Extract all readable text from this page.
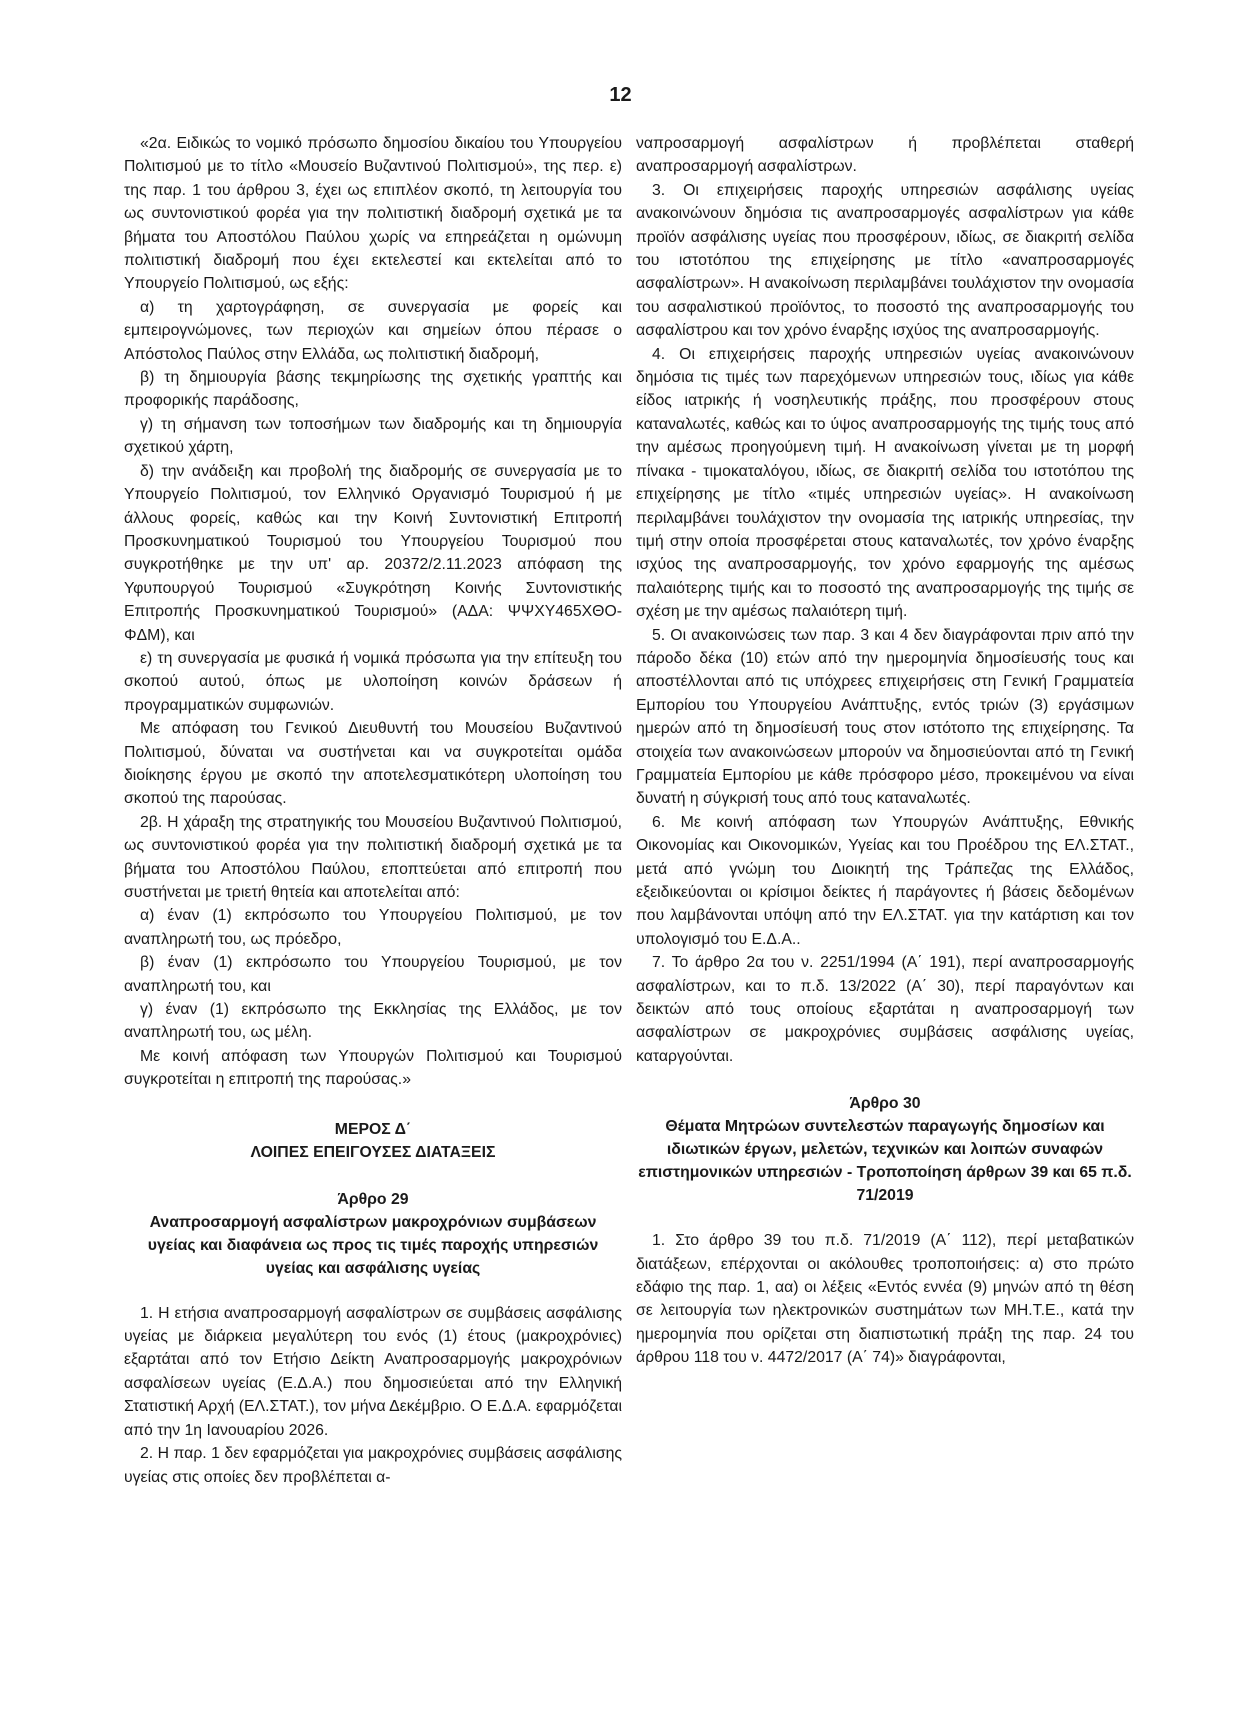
12

«2α. Ειδικώς το νομικό πρόσωπο δημοσίου δικαίου του Υπουργείου Πολιτισμού με το τίτλο «Μουσείο Βυζαντινού Πολιτισμού», της περ. ε) της παρ. 1 του άρθρου 3, έχει ως επιπλέον σκοπό, τη λειτουργία του ως συντονιστικού φορέα για την πολιτιστική διαδρομή σχετικά με τα βήματα του Αποστόλου Παύλου χωρίς να επηρεάζεται η ομώνυμη πολιτιστική διαδρομή που έχει εκτελεστεί και εκτελείται από το Υπουργείο Πολιτισμού, ως εξής:

α) τη χαρτογράφηση, σε συνεργασία με φορείς και εμπειρογνώμονες, των περιοχών και σημείων όπου πέρασε ο Απόστολος Παύλος στην Ελλάδα, ως πολιτιστική διαδρομή,

β) τη δημιουργία βάσης τεκμηρίωσης της σχετικής γραπτής και προφορικής παράδοσης,

γ) τη σήμανση των τοποσήμων των διαδρομής και τη δημιουργία σχετικού χάρτη,

δ) την ανάδειξη και προβολή της διαδρομής σε συνεργασία με το Υπουργείο Πολιτισμού, τον Ελληνικό Οργανισμό Τουρισμού ή με άλλους φορείς, καθώς και την Κοινή Συντονιστική Επιτροπή Προσκυνηματικού Τουρισμού του Υπουργείου Τουρισμού που συγκροτήθηκε με την υπ' αρ. 20372/2.11.2023 απόφαση της Υφυπουργού Τουρισμού «Συγκρότηση Κοινής Συντονιστικής Επιτροπής Προσκυνηματικού Τουρισμού» (ΑΔΑ: ΨΨΧΥ465ΧΘΟ-ΦΔΜ), και

ε) τη συνεργασία με φυσικά ή νομικά πρόσωπα για την επίτευξη του σκοπού αυτού, όπως με υλοποίηση κοινών δράσεων ή προγραμματικών συμφωνιών.

Με απόφαση του Γενικού Διευθυντή του Μουσείου Βυζαντινού Πολιτισμού, δύναται να συστήνεται και να συγκροτείται ομάδα διοίκησης έργου με σκοπό την αποτελεσματικότερη υλοποίηση του σκοπού της παρούσας.

2β. Η χάραξη της στρατηγικής του Μουσείου Βυζαντινού Πολιτισμού, ως συντονιστικού φορέα για την πολιτιστική διαδρομή σχετικά με τα βήματα του Αποστόλου Παύλου, εποπτεύεται από επιτροπή που συστήνεται με τριετή θητεία και αποτελείται από:

α) έναν (1) εκπρόσωπο του Υπουργείου Πολιτισμού, με τον αναπληρωτή του, ως πρόεδρο,

β) έναν (1) εκπρόσωπο του Υπουργείου Τουρισμού, με τον αναπληρωτή του, και

γ) έναν (1) εκπρόσωπο της Εκκλησίας της Ελλάδος, με τον αναπληρωτή του, ως μέλη.

Με κοινή απόφαση των Υπουργών Πολιτισμού και Τουρισμού συγκροτείται η επιτροπή της παρούσας.»

ΜΕΡΟΣ Δ΄
ΛΟΙΠΕΣ ΕΠΕΙΓΟΥΣΕΣ ΔΙΑΤΑΞΕΙΣ
Άρθρο 29
Αναπροσαρμογή ασφαλίστρων μακροχρόνιων συμβάσεων υγείας και διαφάνεια ως προς τις τιμές παροχής υπηρεσιών υγείας και ασφάλισης υγείας

1. Η ετήσια αναπροσαρμογή ασφαλίστρων σε συμβάσεις ασφάλισης υγείας με διάρκεια μεγαλύτερη του ενός (1) έτους (μακροχρόνιες) εξαρτάται από τον Ετήσιο Δείκτη Αναπροσαρμογής μακροχρόνιων ασφαλίσεων υγείας (Ε.Δ.Α.) που δημοσιεύεται από την Ελληνική Στατιστική Αρχή (ΕΛ.ΣΤΑΤ.), τον μήνα Δεκέμβριο. Ο Ε.Δ.Α. εφαρμόζεται από την 1η Ιανουαρίου 2026.

2. Η παρ. 1 δεν εφαρμόζεται για μακροχρόνιες συμβάσεις ασφάλισης υγείας στις οποίες δεν προβλέπεται α-

ναπροσαρμογή ασφαλίστρων ή προβλέπεται σταθερή αναπροσαρμογή ασφαλίστρων.

3. Οι επιχειρήσεις παροχής υπηρεσιών ασφάλισης υγείας ανακοινώνουν δημόσια τις αναπροσαρμογές ασφαλίστρων για κάθε προϊόν ασφάλισης υγείας που προσφέρουν, ιδίως, σε διακριτή σελίδα του ιστοτόπου της επιχείρησης με τίτλο «αναπροσαρμογές ασφαλίστρων». Η ανακοίνωση περιλαμβάνει τουλάχιστον την ονομασία του ασφαλιστικού προϊόντος, το ποσοστό της αναπροσαρμογής του ασφαλίστρου και τον χρόνο έναρξης ισχύος της αναπροσαρμογής.

4. Οι επιχειρήσεις παροχής υπηρεσιών υγείας ανακοινώνουν δημόσια τις τιμές των παρεχόμενων υπηρεσιών τους, ιδίως για κάθε είδος ιατρικής ή νοσηλευτικής πράξης, που προσφέρουν στους καταναλωτές, καθώς και το ύψος αναπροσαρμογής της τιμής τους από την αμέσως προηγούμενη τιμή. Η ανακοίνωση γίνεται με τη μορφή πίνακα - τιμοκαταλόγου, ιδίως, σε διακριτή σελίδα του ιστοτόπου της επιχείρησης με τίτλο «τιμές υπηρεσιών υγείας». Η ανακοίνωση περιλαμβάνει τουλάχιστον την ονομασία της ιατρικής υπηρεσίας, την τιμή στην οποία προσφέρεται στους καταναλωτές, τον χρόνο έναρξης ισχύος της αναπροσαρμογής, τον χρόνο εφαρμογής της αμέσως παλαιότερης τιμής και το ποσοστό της αναπροσαρμογής της τιμής σε σχέση με την αμέσως παλαιότερη τιμή.

5. Οι ανακοινώσεις των παρ. 3 και 4 δεν διαγράφονται πριν από την πάροδο δέκα (10) ετών από την ημερομηνία δημοσίευσής τους και αποστέλλονται από τις υπόχρεες επιχειρήσεις στη Γενική Γραμματεία Εμπορίου του Υπουργείου Ανάπτυξης, εντός τριών (3) εργάσιμων ημερών από τη δημοσίευσή τους στον ιστότοπο της επιχείρησης. Τα στοιχεία των ανακοινώσεων μπορούν να δημοσιεύονται από τη Γενική Γραμματεία Εμπορίου με κάθε πρόσφορο μέσο, προκειμένου να είναι δυνατή η σύγκρισή τους από τους καταναλωτές.

6. Με κοινή απόφαση των Υπουργών Ανάπτυξης, Εθνικής Οικονομίας και Οικονομικών, Υγείας και του Προέδρου της ΕΛ.ΣΤΑΤ., μετά από γνώμη του Διοικητή της Τράπεζας της Ελλάδος, εξειδικεύονται οι κρίσιμοι δείκτες ή παράγοντες ή βάσεις δεδομένων που λαμβάνονται υπόψη από την ΕΛ.ΣΤΑΤ. για την κατάρτιση και τον υπολογισμό του Ε.Δ.Α..

7. Το άρθρο 2α του ν. 2251/1994 (Α΄ 191), περί αναπροσαρμογής ασφαλίστρων, και το π.δ. 13/2022 (Α΄ 30), περί παραγόντων και δεικτών από τους οποίους εξαρτάται η αναπροσαρμογή των ασφαλίστρων σε μακροχρόνιες συμβάσεις ασφάλισης υγείας, καταργούνται.

Άρθρο 30
Θέματα Μητρώων συντελεστών παραγωγής δημοσίων και ιδιωτικών έργων, μελετών, τεχνικών και λοιπών συναφών επιστημονικών υπηρεσιών - Τροποποίηση άρθρων 39 και 65 π.δ. 71/2019

1. Στο άρθρο 39 του π.δ. 71/2019 (Α΄ 112), περί μεταβατικών διατάξεων, επέρχονται οι ακόλουθες τροποποιήσεις: α) στο πρώτο εδάφιο της παρ. 1, αα) οι λέξεις «Εντός εννέα (9) μηνών από τη θέση σε λειτουργία των ηλεκτρονικών συστημάτων των ΜΗ.Τ.Ε., κατά την ημερομηνία που ορίζεται στη διαπιστωτική πράξη της παρ. 24 του άρθρου 118 του ν. 4472/2017 (Α΄ 74)» διαγράφονται,
